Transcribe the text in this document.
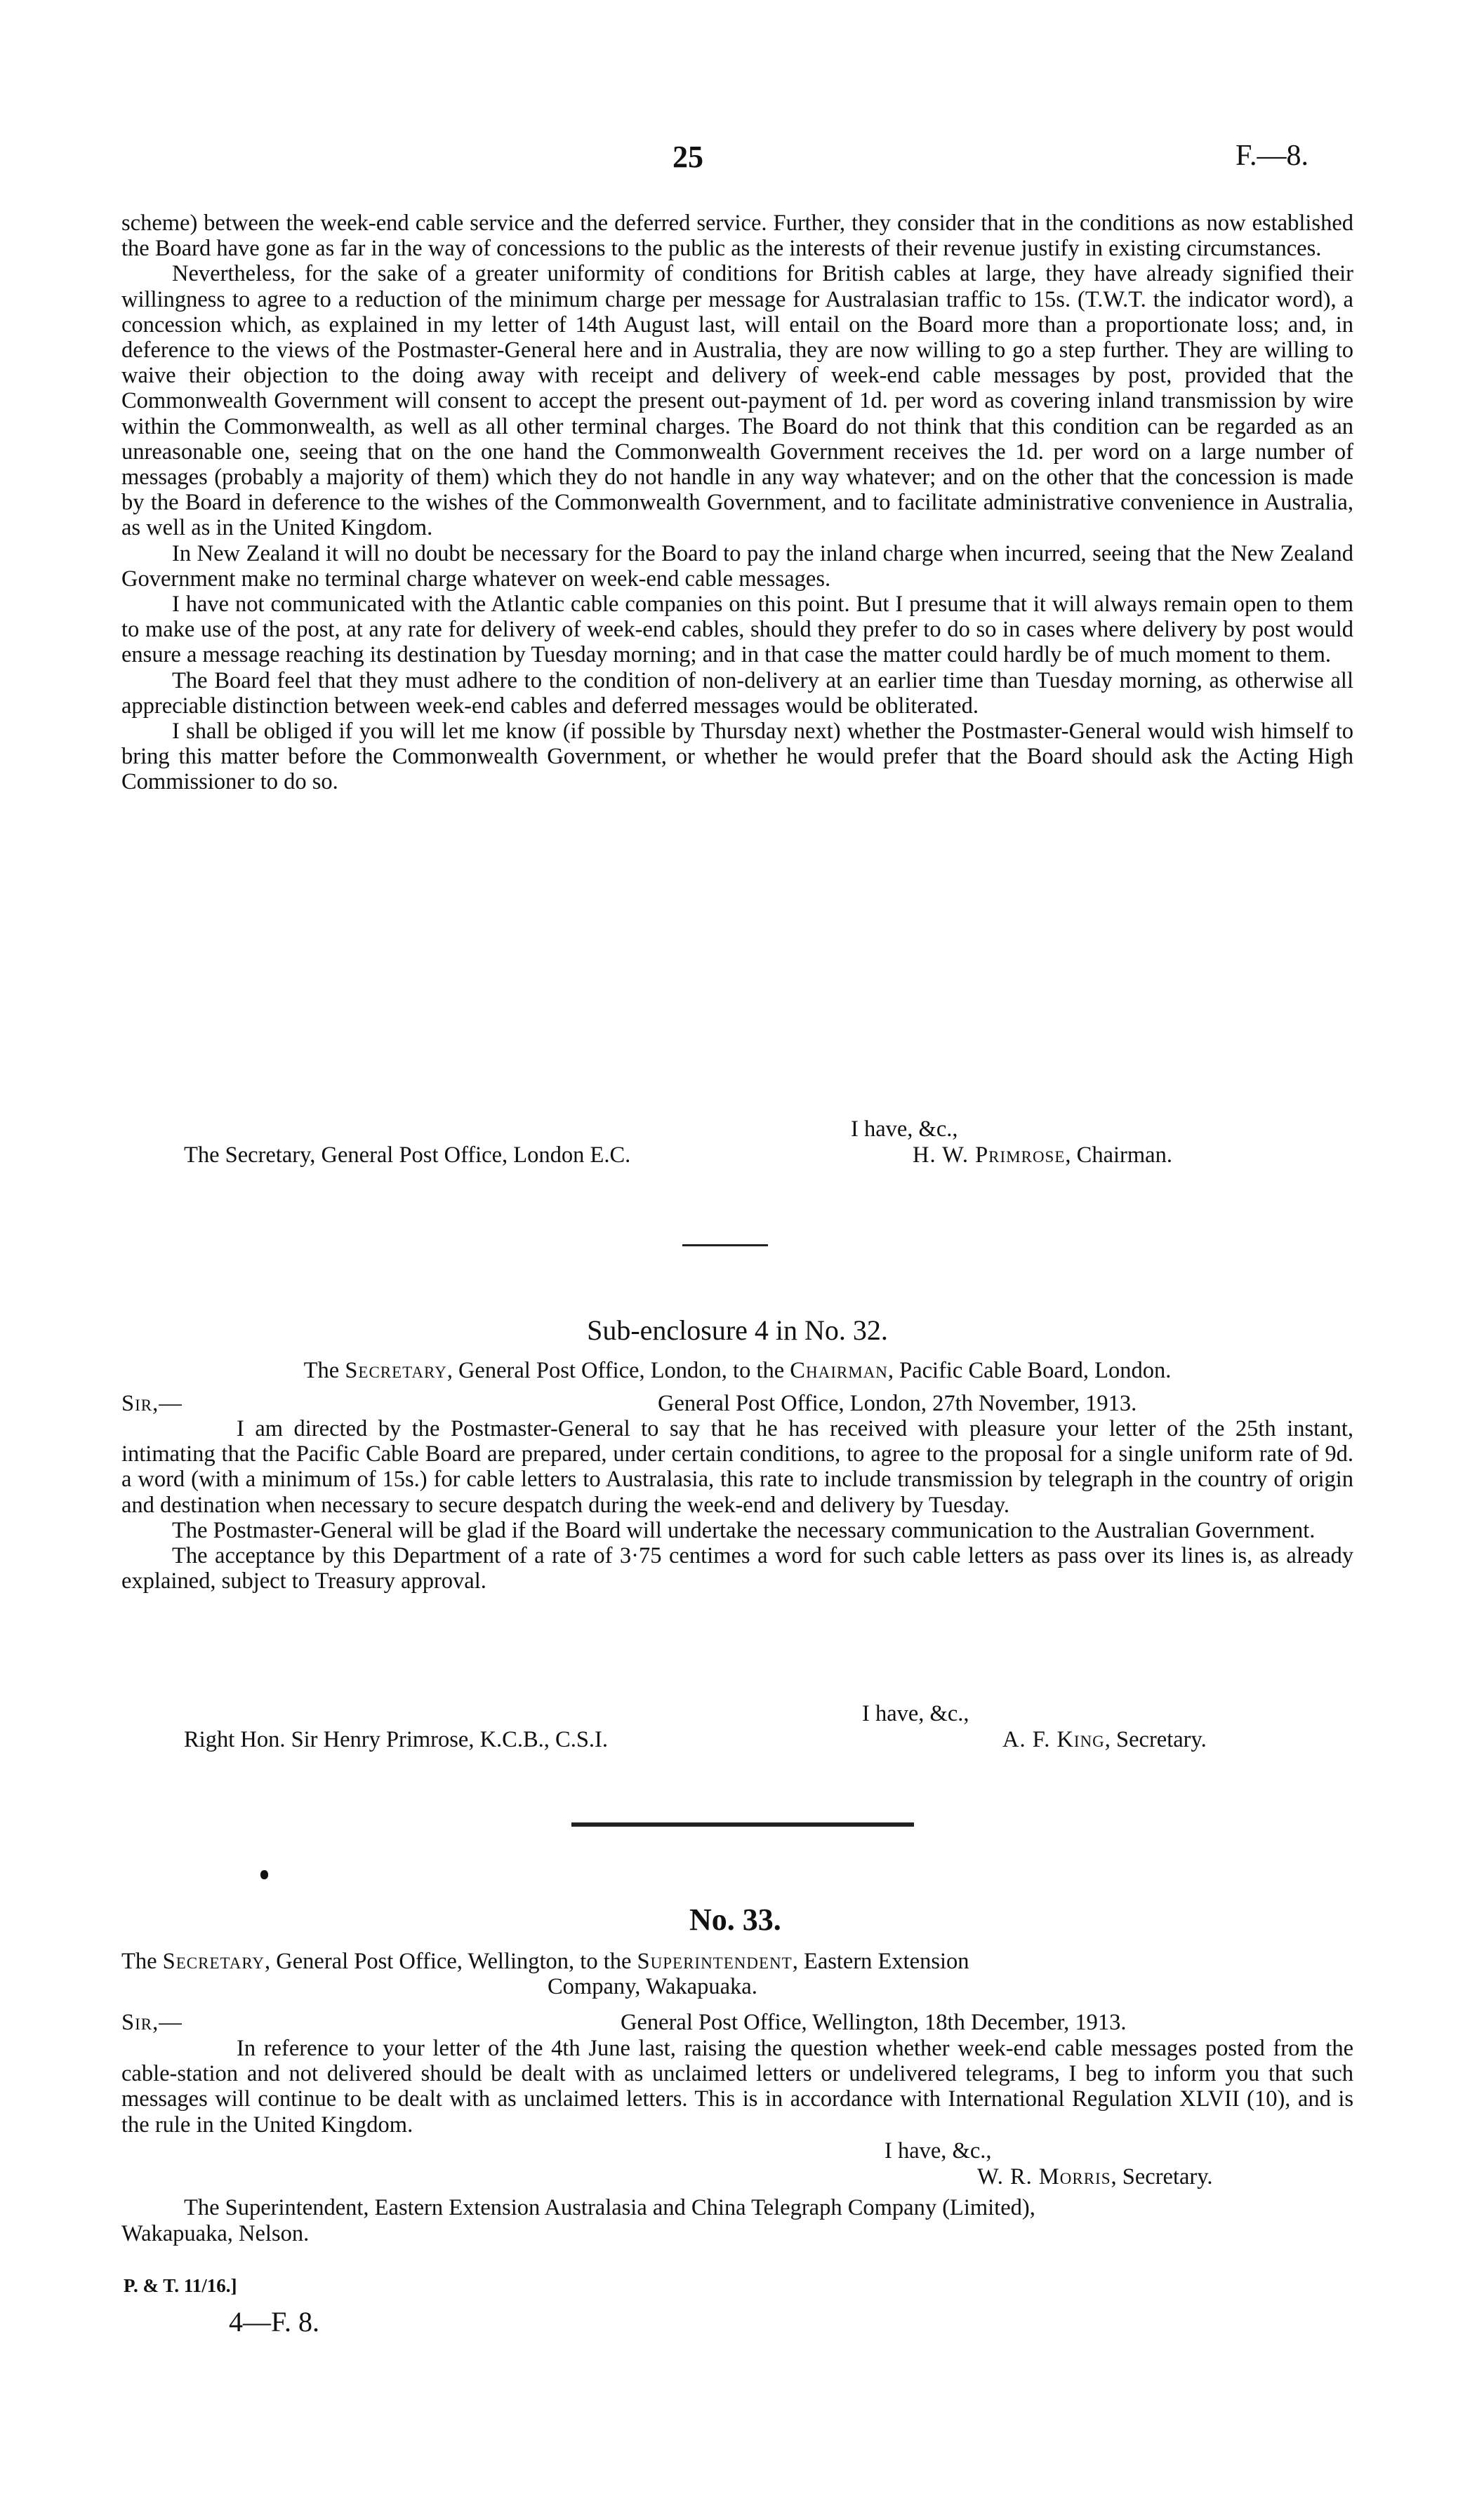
25	F.—8.

scheme) between the week-end cable service and the deferred service. Further, they consider that in the conditions as now established the Board have gone as far in the way of concessions to the public as the interests of their revenue justify in existing circumstances.

Nevertheless, for the sake of a greater uniformity of conditions for British cables at large, they have already signified their willingness to agree to a reduction of the minimum charge per message for Australasian traffic to 15s. (T.W.T. the indicator word), a concession which, as explained in my letter of 14th August last, will entail on the Board more than a proportionate loss; and, in deference to the views of the Postmaster-General here and in Australia, they are now willing to go a step further. They are willing to waive their objection to the doing away with receipt and delivery of week-end cable messages by post, provided that the Commonwealth Government will consent to accept the present out-payment of 1d. per word as covering inland transmission by wire within the Commonwealth, as well as all other terminal charges. The Board do not think that this condition can be regarded as an unreasonable one, seeing that on the one hand the Commonwealth Government receives the 1d. per word on a large number of messages (probably a majority of them) which they do not handle in any way whatever; and on the other that the concession is made by the Board in deference to the wishes of the Commonwealth Government, and to facilitate administrative convenience in Australia, as well as in the United Kingdom.

In New Zealand it will no doubt be necessary for the Board to pay the inland charge when incurred, seeing that the New Zealand Government make no terminal charge whatever on week-end cable messages.

I have not communicated with the Atlantic cable companies on this point. But I presume that it will always remain open to them to make use of the post, at any rate for delivery of week-end cables, should they prefer to do so in cases where delivery by post would ensure a message reaching its destination by Tuesday morning; and in that case the matter could hardly be of much moment to them.

The Board feel that they must adhere to the condition of non-delivery at an earlier time than Tuesday morning, as otherwise all appreciable distinction between week-end cables and deferred messages would be obliterated.

I shall be obliged if you will let me know (if possible by Thursday next) whether the Postmaster-General would wish himself to bring this matter before the Commonwealth Government, or whether he would prefer that the Board should ask the Acting High Commissioner to do so.

I have, &c.,
The Secretary, General Post Office, London E.C.	H. W. Primrose, Chairman.
Sub-enclosure 4 in No. 32.
The Secretary, General Post Office, London, to the Chairman, Pacific Cable Board, London.
Sir,—	General Post Office, London, 27th November, 1913.

I am directed by the Postmaster-General to say that he has received with pleasure your letter of the 25th instant, intimating that the Pacific Cable Board are prepared, under certain conditions, to agree to the proposal for a single uniform rate of 9d. a word (with a minimum of 15s.) for cable letters to Australasia, this rate to include transmission by telegraph in the country of origin and destination when necessary to secure despatch during the week-end and delivery by Tuesday.

The Postmaster-General will be glad if the Board will undertake the necessary communication to the Australian Government.

The acceptance by this Department of a rate of 3·75 centimes a word for such cable letters as pass over its lines is, as already explained, subject to Treasury approval.

I have, &c.,
Right Hon. Sir Henry Primrose, K.C.B., C.S.I.	A. F. King, Secretary.
No. 33.
The Secretary, General Post Office, Wellington, to the Superintendent, Eastern Extension
Company, Wakapuaka.
Sir,—	General Post Office, Wellington, 18th December, 1913.

In reference to your letter of the 4th June last, raising the question whether week-end cable messages posted from the cable-station and not delivered should be dealt with as unclaimed letters or undelivered telegrams, I beg to inform you that such messages will continue to be dealt with as unclaimed letters. This is in accordance with International Regulation XLVII (10), and is the rule in the United Kingdom.

I have, &c.,
W. R. Morris, Secretary.
The Superintendent, Eastern Extension Australasia and China Telegraph Company (Limited),
Wakapuaka, Nelson.
P. & T. 11/16.]
4—F. 8.
